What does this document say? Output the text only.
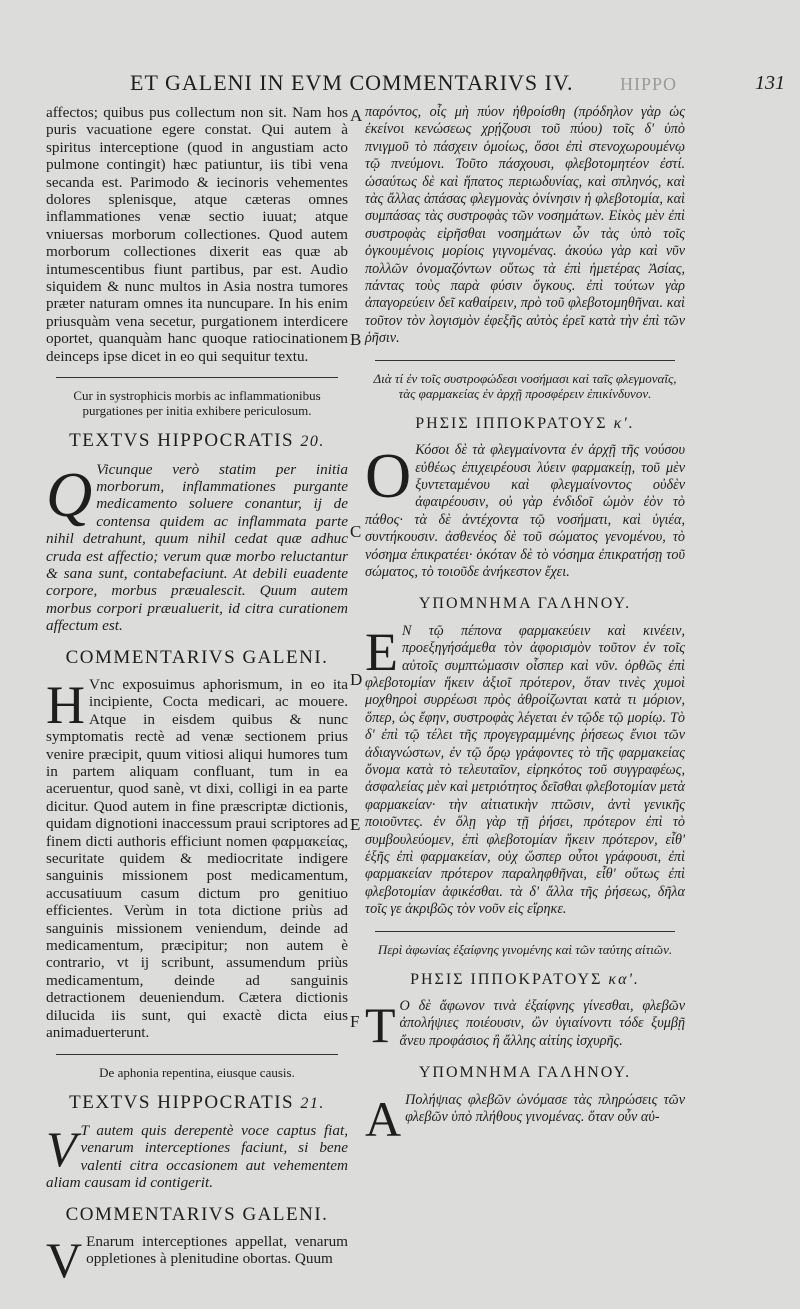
ET GALENI IN EVM COMMENTARIVS IV.	HIPPO	131

affectos; quibus pus collectum non sit. Nam hos puris vacuatione egere constat. Qui autem à spiritus interceptione (quod in angustiam acto pulmone contingit) hæc patiuntur, iis tibi vena secanda est. Parimodo & iecinoris vehementes dolores splenisque, atque cæteras omnes inflammationes venæ sectio iuuat; atque vniuersas morborum collectiones. Quod autem morborum collectiones dixerit eas quæ ab intumescentibus fiunt partibus, par est. Audio siquidem & nunc multos in Asia nostra tumores præter naturam omnes ita nuncupare. In his enim priusquàm vena secetur, purgationem interdicere oportet, quanquàm hanc quoque ratiocinationem deinceps ipse dicet in eo qui sequitur textu.

Cur in systrophicis morbis ac inflammationibus purgationes per initia exhibere periculosum.

TEXTVS HIPPOCRATIS 20.

Q Vicunque verò statim per initia morborum, inflammationes purgante medicamento soluere conantur, ij de contensa quidem ac inflammata parte nihil detrahunt, quum nihil cedat quæ adhuc cruda est affectio; verum quæ morbo reluctantur & sana sunt, contabefaciunt. At debili euadente corpore, morbus præualescit. Quum autem morbus corpori præualuerit, id citra curationem affectum est.

COMMENTARIVS GALENI.

H Vnc exposuimus aphorismum, in eo ita incipiente, Cocta medicari, ac mouere. Atque in eisdem quibus & nunc symptomatis rectè ad venæ sectionem prius venire præcipit, quum vitiosi aliqui humores tum in partem aliquam confluant, tum in ea aceruentur, quod sanè, vt dixi, colligi in ea parte dicitur. Quod autem in fine præscriptæ dictionis, quidam dignotioni inaccessum praui scriptores ad finem dicti authoris efficiunt nomen φαρμακείας, securitate quidem & mediocritate indigere sanguinis missionem post medicamentum, accusatiuum casum dictum pro genitiuo efficientes. Verùm in tota dictione priùs ad sanguinis missionem veniendum, deinde ad medicamentum, præcipitur; non autem è contrario, vt ij scribunt, assumendum priùs medicamentum, deinde ad sanguinis detractionem deueniendum. Cætera dictionis dilucida iis sunt, qui exactè dicta eius animaduerterunt.

De aphonia repentina, eiusque causis.

TEXTVS HIPPOCRATIS 21.

V T autem quis derepentè voce captus fiat, venarum interceptiones faciunt, si bene valenti citra occasionem aut vehementem aliam causam id contigerit.

COMMENTARIVS GALENI.

V Enarum interceptiones appellat, venarum oppletiones à plenitudine obortas. Quum

A
B
C
D
E
F

παρόντος, οἷς μὴ πύον ἠθροίσθη (πρόδηλον γὰρ ὡς ἐκείνοι κενώσεως χρῄζουσι τοῦ πύου) τοῖς δ' ὑπὸ πνιγμοῦ τὸ πάσχειν ὁμοίως, ὅσοι ἐπὶ στενοχωρουμένῳ τῷ πνεύμονι. Τοῦτο πάσχουσι, φλεβοτομητέον ἐστί. ὡσαύτως δὲ καὶ ἥπατος περιωδυνίας, καὶ σπληνός, καὶ τὰς ἄλλας ἁπάσας φλεγμονὰς ὀνίνησιν ἡ φλεβοτομία, καὶ συμπάσας τὰς συστροφὰς τῶν νοσημάτων. Εἰκὸς μὲν ἐπὶ συστροφὰς εἰρῆσθαι νοσημάτων ὧν τὰς ὑπὸ τοῖς ὀγκουμένοις μορίοις γιγνομένας. ἀκούω γὰρ καὶ νῦν πολλῶν ὀνομαζόντων οὕτως τὰ ἐπὶ ἡμετέρας Ἀσίας, πάντας τοὺς παρὰ φύσιν ὄγκους. ἐπὶ τούτων γὰρ ἀπαγορεύειν δεῖ καθαίρειν, πρὸ τοῦ φλεβοτομηθῆναι. καὶ τοῦτον τὸν λογισμὸν ἐφεξῆς αὐτὸς ἐρεῖ κατὰ τὴν ἐπὶ τῶν ῥῆσιν.

Διὰ τί ἐν τοῖς συστροφώδεσι νοσήμασι καὶ ταῖς φλεγμοναῖς, τὰς φαρμακείας ἐν ἀρχῇ προσφέρειν ἐπικίνδυνον.

ΡΗΣΙΣ ΙΠΠΟΚΡΑΤΟΥΣ κ'.

Ο Κόσοι δὲ τὰ φλεγμαίνοντα ἐν ἀρχῇ τῆς νούσου εὐθέως ἐπιχειρέουσι λύειν φαρμακείῃ, τοῦ μὲν ξυντεταμένου καὶ φλεγμαίνοντος οὐδὲν ἀφαιρέουσιν, οὐ γὰρ ἐνδιδοῖ ὠμὸν ἐὸν τὸ πάθος· τὰ δὲ ἀντέχοντα τῷ νοσήματι, καὶ ὑγιέα, συντήκουσιν. ἀσθενέος δὲ τοῦ σώματος γενομένου, τὸ νόσημα ἐπικρατέει· ὁκόταν δὲ τὸ νόσημα ἐπικρατήσῃ τοῦ σώματος, τὸ τοιοῦδε ἀνήκεστον ἔχει.

ΥΠΟΜΝΗΜΑ ΓΑΛΗΝΟΥ.

Ε Ν τῷ πέπονα φαρμακεύειν καὶ κινέειν, προεξηγήσάμεθα τὸν ἀφορισμὸν τοῦτον ἐν τοῖς αὐτοῖς συμπτώμασιν οἷσπερ καὶ νῦν. ὀρθῶς ἐπὶ φλεβοτομίαν ἥκειν ἀξιοῖ πρότερον, ὅταν τινὲς χυμοὶ μοχθηροὶ συρρέωσι πρὸς ἀθροίζωνται κατὰ τι μόριον, ὅπερ, ὡς ἔφην, συστροφὰς λέγεται ἐν τῷδε τῷ μορίῳ. Τὸ δ' ἐπὶ τῷ τέλει τῆς προγεγραμμένης ῥήσεως ἔνιοι τῶν ἀδιαγνώστων, ἐν τῷ ὅρῳ γράφοντες τὸ τῆς φαρμακείας ὄνομα κατὰ τὸ τελευταῖον, εἰρηκότος τοῦ συγγραφέως, ἀσφαλείας μὲν καὶ μετριότητος δεῖσθαι φλεβοτομίαν μετὰ φαρμακείαν· τὴν αἰτιατικὴν πτῶσιν, ἀντὶ γενικῆς ποιοῦντες. ἐν ὅλῃ γὰρ τῇ ῥήσει, πρότερον ἐπὶ τὸ συμβουλεύομεν, ἐπὶ φλεβοτομίαν ἥκειν πρότερον, εἶθ' ἑξῆς ἐπὶ φαρμακείαν, οὐχ ὥσπερ οὗτοι γράφουσι, ἐπὶ φαρμακείαν πρότερον παραληφθῆναι, εἶθ' οὕτως ἐπὶ φλεβοτομίαν ἀφικέσθαι. τὰ δ' ἄλλα τῆς ῥήσεως, δῆλα τοῖς γε ἀκριβῶς τὸν νοῦν εἰς εἴρηκε.

Περὶ ἀφωνίας ἐξαίφνης γινομένης καὶ τῶν ταύτης αἰτιῶν.

ΡΗΣΙΣ ΙΠΠΟΚΡΑΤΟΥΣ κα'.

Τ Ο δὲ ἄφωνον τινὰ ἐξαίφνης γίνεσθαι, φλεβῶν ἀπολήψιες ποιέουσιν, ὢν ὑγιαίνοντι τόδε ξυμβῇ ἄνευ προφάσιος ἢ ἄλλης αἰτίης ἰσχυρῆς.

ΥΠΟΜΝΗΜΑ ΓΑΛΗΝΟΥ.

Α Πολήψιας φλεβῶν ὠνόμασε τὰς πληρώσεις τῶν φλεβῶν ὑπὸ πλήθους γινομένας. ὅταν οὖν αὐ-
